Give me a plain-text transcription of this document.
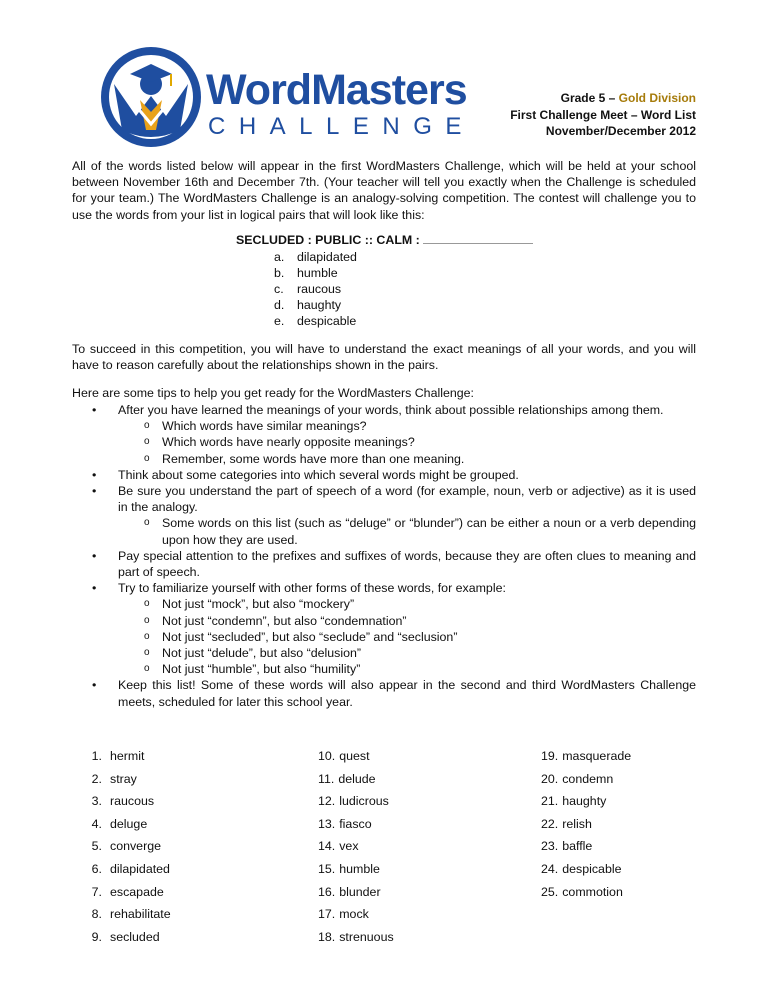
WordMasters
CHALLENGE
Grade 5 – Gold Division
First Challenge Meet – Word List
November/December 2012
All of the words listed below will appear in the first WordMasters Challenge, which will be held at your school between November 16th and December 7th. (Your teacher will tell you exactly when the Challenge is scheduled for your team.) The WordMasters Challenge is an analogy-solving competition. The contest will challenge you to use the words from your list in logical pairs that will look like this:
SECLUDED : PUBLIC :: CALM :
a. dilapidated
b. humble
c. raucous
d. haughty
e. despicable
To succeed in this competition, you will have to understand the exact meanings of all your words, and you will have to reason carefully about the relationships shown in the pairs.
Here are some tips to help you get ready for the WordMasters Challenge:
• After you have learned the meanings of your words, think about possible relationships among them.
o Which words have similar meanings?
o Which words have nearly opposite meanings?
o Remember, some words have more than one meaning.
• Think about some categories into which several words might be grouped.
• Be sure you understand the part of speech of a word (for example, noun, verb or adjective) as it is used in the analogy.
o Some words on this list (such as “deluge” or “blunder”) can be either a noun or a verb depending upon how they are used.
• Pay special attention to the prefixes and suffixes of words, because they are often clues to meaning and part of speech.
• Try to familiarize yourself with other forms of these words, for example:
o Not just “mock”, but also “mockery”
o Not just “condemn”, but also “condemnation”
o Not just “secluded”, but also “seclude” and “seclusion”
o Not just “delude”, but also “delusion”
o Not just “humble”, but also “humility”
• Keep this list! Some of these words will also appear in the second and third WordMasters Challenge meets, scheduled for later this school year.
1. hermit
2. stray
3. raucous
4. deluge
5. converge
6. dilapidated
7. escapade
8. rehabilitate
9. secluded
10. quest
11. delude
12. ludicrous
13. fiasco
14. vex
15. humble
16. blunder
17. mock
18. strenuous
19. masquerade
20. condemn
21. haughty
22. relish
23. baffle
24. despicable
25. commotion
